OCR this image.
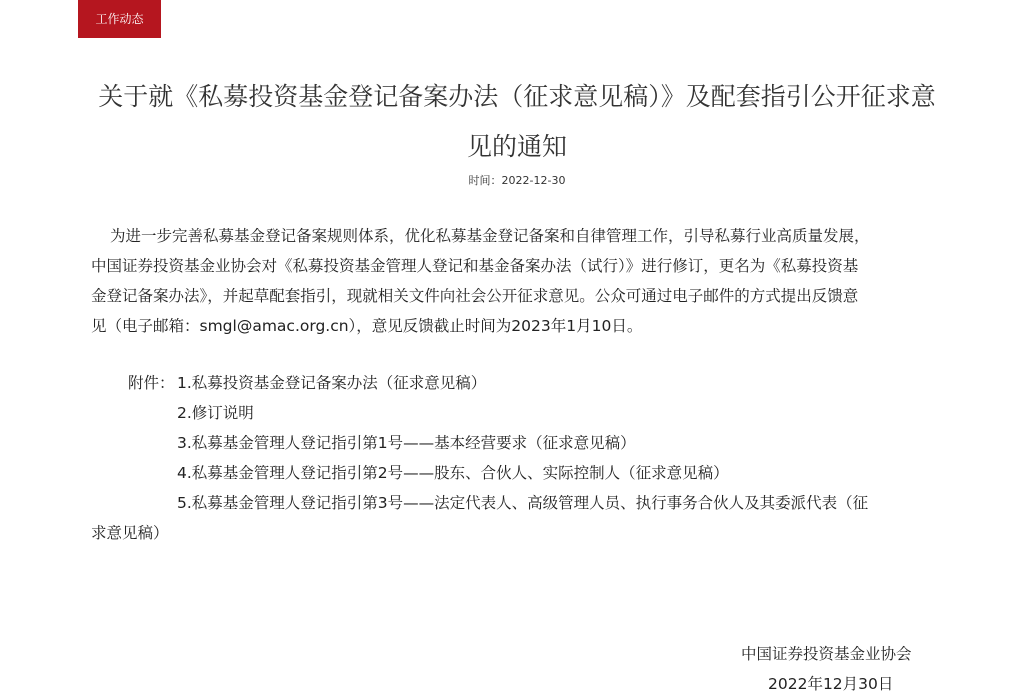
工作动态
关于就《私募投资基金登记备案办法（征求意见稿）》及配套指引公开征求意
见的通知
时间：2022-12-30
为进一步完善私募基金登记备案规则体系，优化私募基金登记备案和自律管理工作，引导私募行业高质量发展，
中国证券投资基金业协会对《私募投资基金管理人登记和基金备案办法（试行）》进行修订，更名为《私募投资基
金登记备案办法》，并起草配套指引，现就相关文件向社会公开征求意见。公众可通过电子邮件的方式提出反馈意
见（电子邮箱：smgl@amac.org.cn），意见反馈截止时间为2023年1月10日。
附件： 1.私募投资基金登记备案办法（征求意见稿）
2.修订说明
3.私募基金管理人登记指引第1号——基本经营要求（征求意见稿）
4.私募基金管理人登记指引第2号——股东、合伙人、实际控制人（征求意见稿）
5.私募基金管理人登记指引第3号——法定代表人、高级管理人员、执行事务合伙人及其委派代表（征
求意见稿）
中国证券投资基金业协会
2022年12月30日
